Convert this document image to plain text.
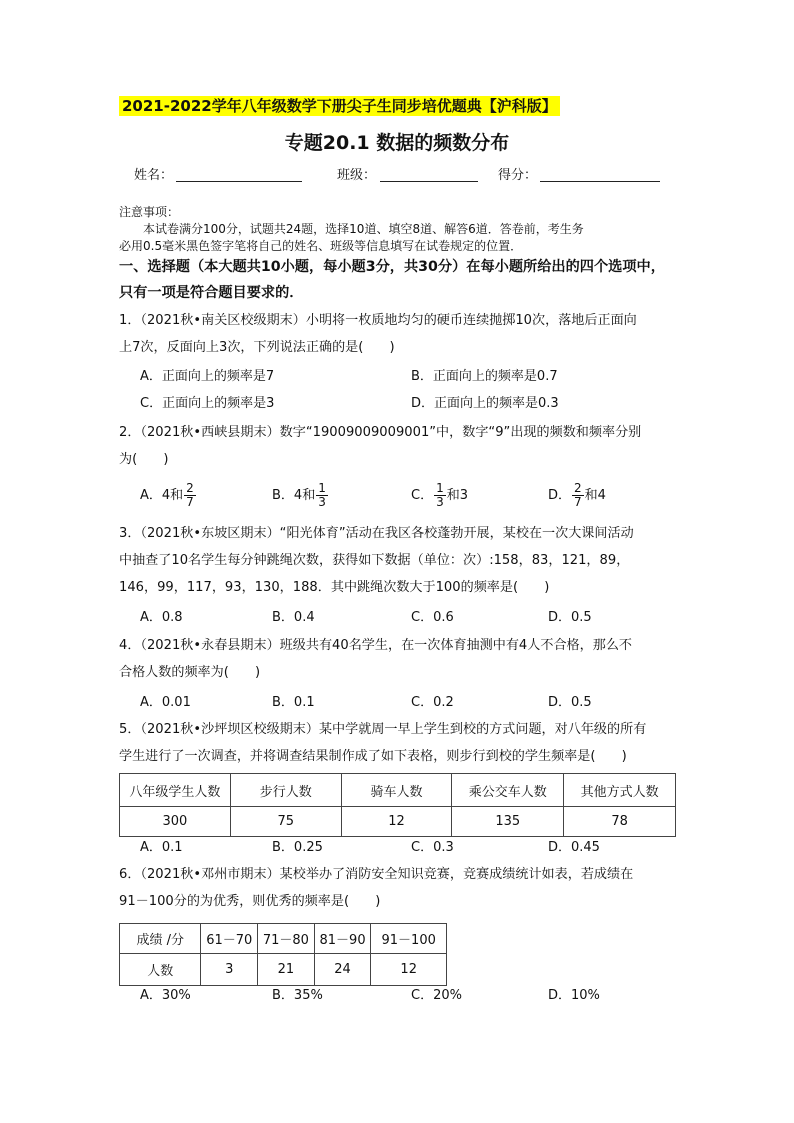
2021-2022学年八年级数学下册尖子生同步培优题典【沪科版】
专题20.1 数据的频数分布
姓名：	班级：	得分：
注意事项：
本试卷满分100分，试题共24题，选择10道、填空8道、解答6道．答卷前，考生务
必用0.5毫米黑色签字笔将自己的姓名、班级等信息填写在试卷规定的位置．
一、选择题（本大题共10小题，每小题3分，共30分）在每小题所给出的四个选项中，
只有一项是符合题目要求的．
1．（2021秋•南关区校级期末）小明将一枚质地均匀的硬币连续抛掷10次，落地后正面向
上7次，反面向上3次，下列说法正确的是(　　)
A．正面向上的频率是7	B．正面向上的频率是0.7
C．正面向上的频率是3	D．正面向上的频率是0.3
2．（2021秋•西峡县期末）数字“19009009009001”中，数字“9”出现的频数和频率分别
为(　　)
A．4和 $\frac{2}{7}$	B．4和 $\frac{1}{3}$	C． $\frac{1}{3}$ 和3	D． $\frac{2}{7}$ 和4
3．（2021秋•东坡区期末）“阳光体育”活动在我区各校蓬勃开展，某校在一次大课间活动
中抽查了10名学生每分钟跳绳次数，获得如下数据（单位：次）:158，83，121，89，
146，99，117，93，130，188．其中跳绳次数大于100的频率是(　　)
A．0.8	B．0.4	C．0.6	D．0.5
4．（2021秋•永春县期末）班级共有40名学生，在一次体育抽测中有4人不合格，那么不
合格人数的频率为(　　)
A．0.01	B．0.1	C．0.2	D．0.5
5．（2021秋•沙坪坝区校级期末）某中学就周一早上学生到校的方式问题，对八年级的所有
学生进行了一次调查，并将调查结果制作成了如下表格，则步行到校的学生频率是(　　)
八年级学生人数	步行人数	骑车人数	乘公交车人数	其他方式人数
300	75	12	135	78
A．0.1	B．0.25	C．0.3	D．0.45
6．（2021秋•邓州市期末）某校举办了消防安全知识竞赛，竞赛成绩统计如表，若成绩在
91－100分的为优秀，则优秀的频率是(　　)
成绩 /分	61－70	71－80	81－90	91－100
人数	3	21	24	12
A．30%	B．35%	C．20%	D．10%
